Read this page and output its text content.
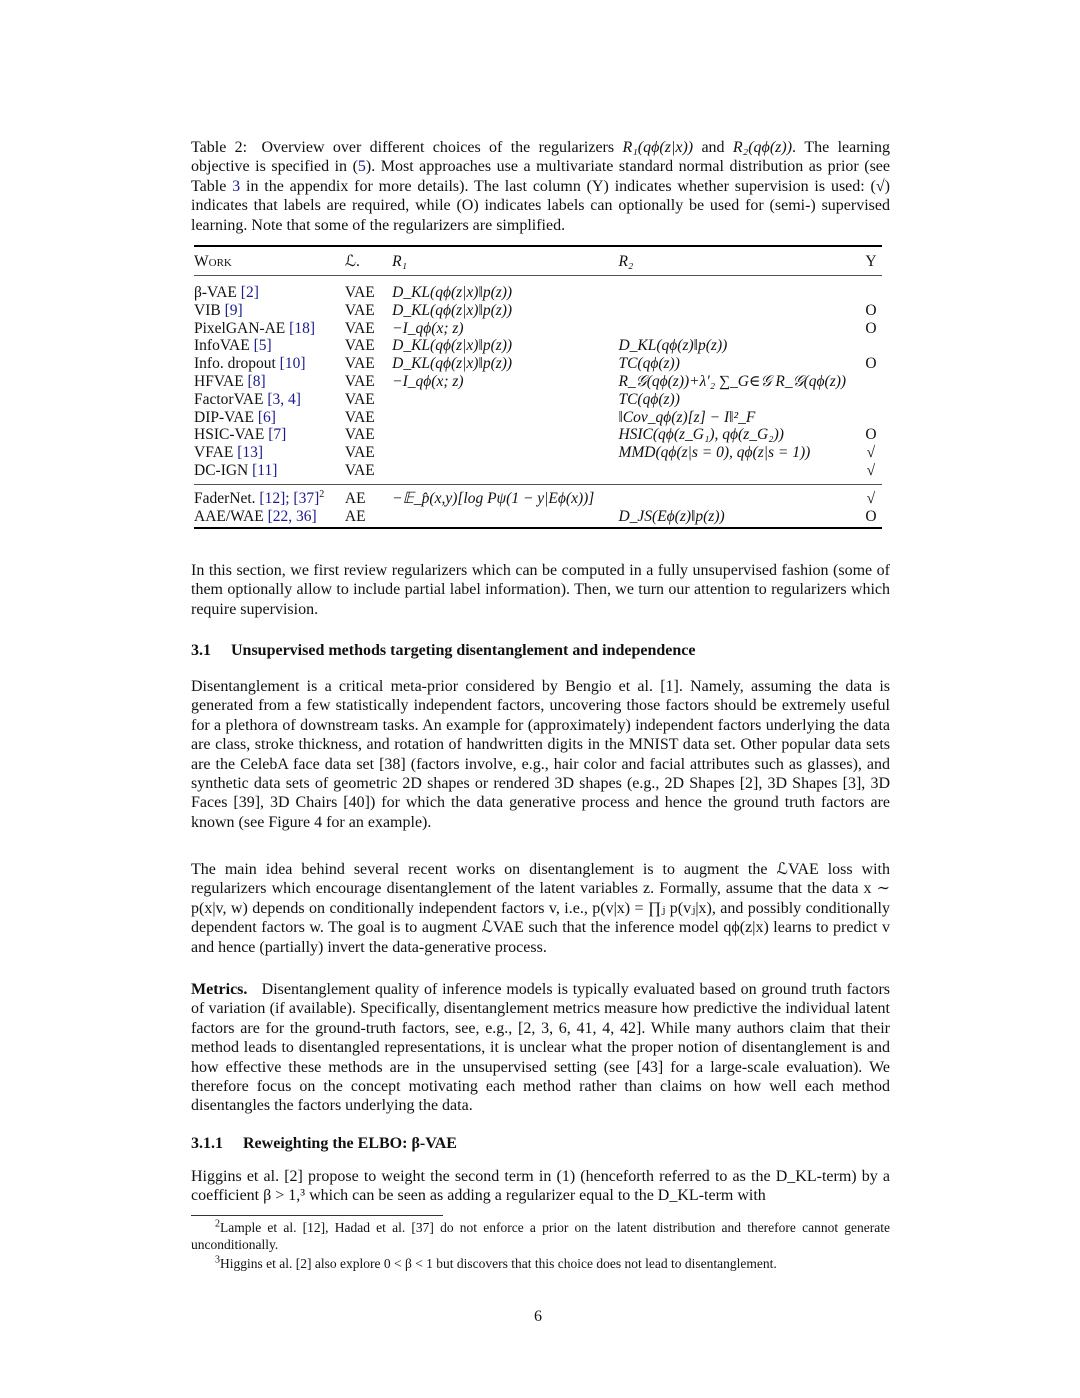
Table 2: Overview over different choices of the regularizers R₁(qϕ(z|x)) and R₂(qϕ(z)). The learning objective is specified in (5). Most approaches use a multivariate standard normal distribution as prior (see Table 3 in the appendix for more details). The last column (Y) indicates whether supervision is used: (√) indicates that labels are required, while (O) indicates labels can optionally be used for (semi-) supervised learning. Note that some of the regularizers are simplified.
Work	ℒ.	R₁	R₂	Y
β-VAE [2]	VAE	D_KL(qϕ(z|x)‖p(z))		
VIB [9]	VAE	D_KL(qϕ(z|x)‖p(z))		O
PixelGAN-AE [18]	VAE	−I_qϕ(x; z)		O
InfoVAE [5]	VAE	D_KL(qϕ(z|x)‖p(z))	D_KL(qϕ(z)‖p(z))	
Info. dropout [10]	VAE	D_KL(qϕ(z|x)‖p(z))	TC(qϕ(z))	O
HFVAE [8]	VAE	−I_qϕ(x; z)	R_𝒢(qϕ(z))+λ′₂ ∑_G∈𝒢 R_𝒢(qϕ(z))	
FactorVAE [3, 4]	VAE		TC(qϕ(z))	
DIP-VAE [6]	VAE		‖Cov_qϕ(z)[z] − I‖²_F	
HSIC-VAE [7]	VAE		HSIC(qϕ(z_G₁), qϕ(z_G₂))	O
VFAE [13]	VAE		MMD(qϕ(z|s = 0), qϕ(z|s = 1))	√
DC-IGN [11]	VAE			√
FaderNet. [12]; $[37]^2$	AE	−𝔼_p̂(x,y)[log Pψ(1 − y|Eϕ(x))]		√
AAE/WAE [22, 36]	AE		D_JS(Eϕ(z)‖p(z))	O

In this section, we first review regularizers which can be computed in a fully unsupervised fashion (some of them optionally allow to include partial label information). Then, we turn our attention to regularizers which require supervision.

3.1 Unsupervised methods targeting disentanglement and independence

Disentanglement is a critical meta-prior considered by Bengio et al. [1]. Namely, assuming the data is generated from a few statistically independent factors, uncovering those factors should be extremely useful for a plethora of downstream tasks. An example for (approximately) independent factors underlying the data are class, stroke thickness, and rotation of handwritten digits in the MNIST data set. Other popular data sets are the CelebA face data set [38] (factors involve, e.g., hair color and facial attributes such as glasses), and synthetic data sets of geometric 2D shapes or rendered 3D shapes (e.g., 2D Shapes [2], 3D Shapes [3], 3D Faces [39], 3D Chairs [40]) for which the data generative process and hence the ground truth factors are known (see Figure 4 for an example).

The main idea behind several recent works on disentanglement is to augment the ℒVAE loss with regularizers which encourage disentanglement of the latent variables z. Formally, assume that the data x ∼ p(x|v, w) depends on conditionally independent factors v, i.e., p(v|x) = ∏ⱼ p(vⱼ|x), and possibly conditionally dependent factors w. The goal is to augment ℒVAE such that the inference model qϕ(z|x) learns to predict v and hence (partially) invert the data-generative process.

Metrics. Disentanglement quality of inference models is typically evaluated based on ground truth factors of variation (if available). Specifically, disentanglement metrics measure how predictive the individual latent factors are for the ground-truth factors, see, e.g., [2, 3, 6, 41, 4, 42]. While many authors claim that their method leads to disentangled representations, it is unclear what the proper notion of disentanglement is and how effective these methods are in the unsupervised setting (see [43] for a large-scale evaluation). We therefore focus on the concept motivating each method rather than claims on how well each method disentangles the factors underlying the data.

3.1.1 Reweighting the ELBO: β-VAE

Higgins et al. [2] propose to weight the second term in (1) (henceforth referred to as the D_KL-term) by a coefficient β > 1,³ which can be seen as adding a regularizer equal to the D_KL-term with

$^2$Lample et al. [12], Hadad et al. [37] do not enforce a prior on the latent distribution and therefore cannot generate unconditionally.

$^3$Higgins et al. [2] also explore 0 < β < 1 but discovers that this choice does not lead to disentanglement.

6
